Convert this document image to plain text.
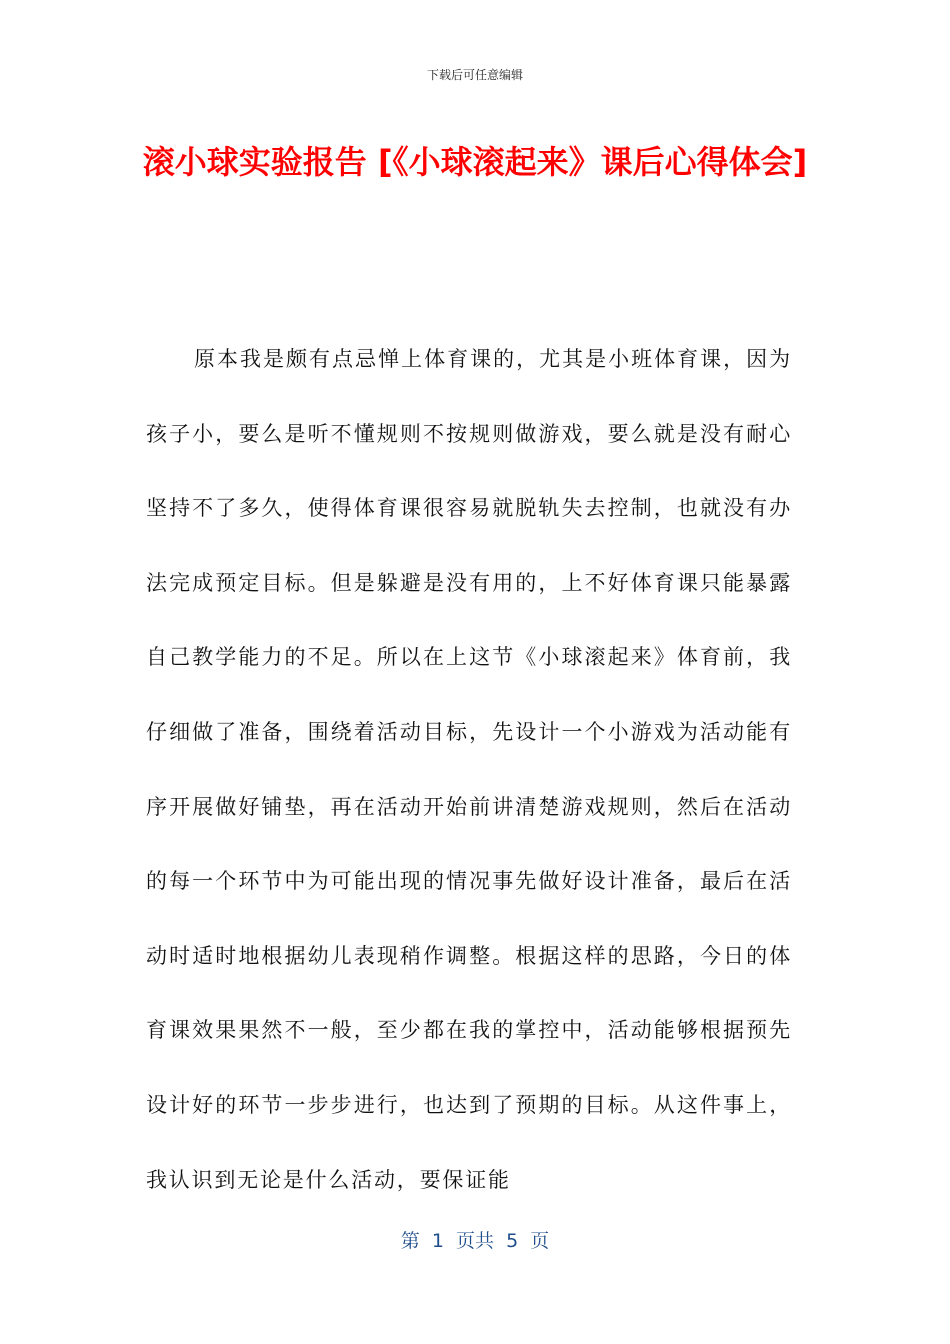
下载后可任意编辑
滚小球实验报告 [《小球滚起来》课后心得体会]

原本我是颇有点忌惮上体育课的，尤其是小班体育课，因为孩子小，要么是听不懂规则不按规则做游戏，要么就是没有耐心坚持不了多久，使得体育课很容易就脱轨失去控制，也就没有办法完成预定目标。但是躲避是没有用的，上不好体育课只能暴露自己教学能力的不足。所以在上这节《小球滚起来》体育前，我仔细做了准备，围绕着活动目标，先设计一个小游戏为活动能有序开展做好铺垫，再在活动开始前讲清楚游戏规则，然后在活动的每一个环节中为可能出现的情况事先做好设计准备，最后在活动时适时地根据幼儿表现稍作调整。根据这样的思路，今日的体育课效果果然不一般，至少都在我的掌控中，活动能够根据预先设计好的环节一步步进行，也达到了预期的目标。从这件事上，我认识到无论是什么活动，要保证能

第  1  页共  5  页
